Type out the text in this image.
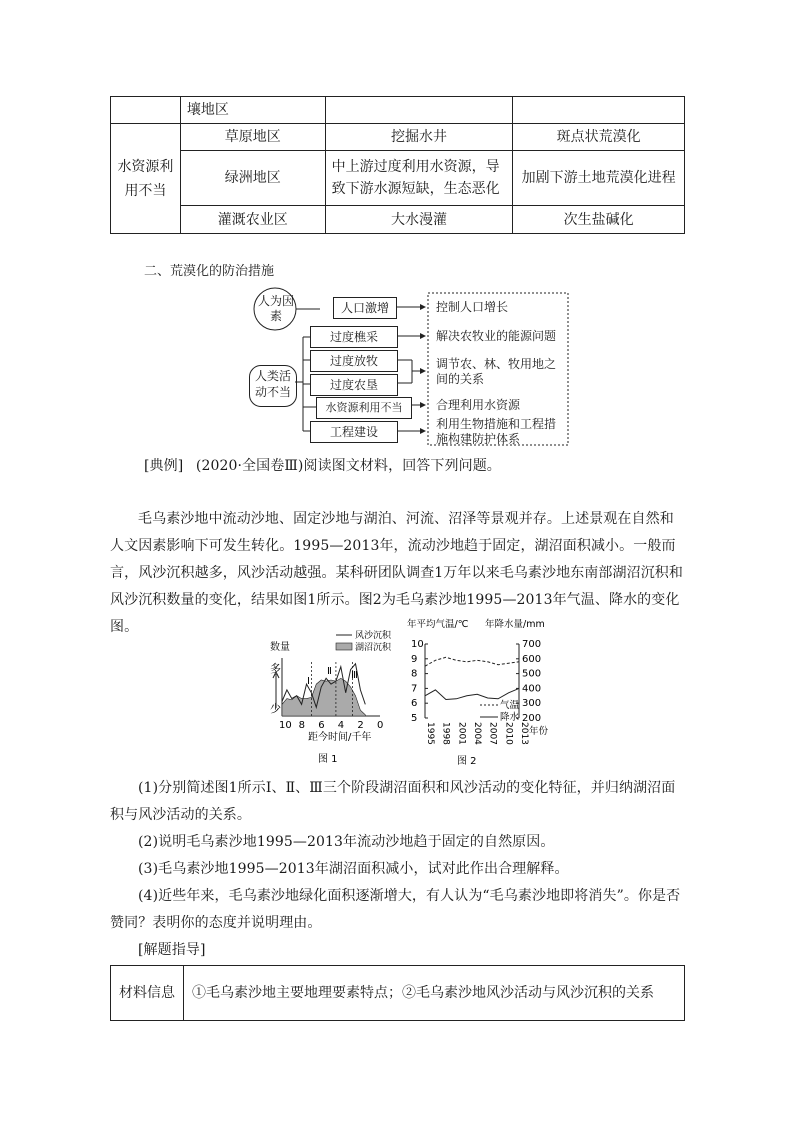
	壤地区		
水资源利用不当	草原地区	挖掘水井	斑点状荒漠化
	绿洲地区	中上游过度利用水资源，导致下游水源短缺，生态恶化	加剧下游土地荒漠化进程
	灌溉农业区	大水漫灌	次生盐碱化
二、荒漠化的防治措施
人为因素
人类活动不当
人口激增
过度樵采
过度放牧
过度农垦
水资源利用不当
工程建设
控制人口增长
解决农牧业的能源问题
调节农、林、牧用地之间的关系
合理利用水资源
利用生物措施和工程措施构建防护体系
[典例] (2020·全国卷Ⅲ)阅读图文材料，回答下列问题。
毛乌素沙地中流动沙地、固定沙地与湖泊、河流、沼泽等景观并存。上述景观在自然和人文因素影响下可发生转化。1995—2013年，流动沙地趋于固定，湖沼面积减小。一般而言，风沙沉积越多，风沙活动越强。某科研团队调查1万年以来毛乌素沙地东南部湖沼沉积和风沙沉积数量的变化，结果如图1所示。图2为毛乌素沙地1995—2013年气温、降水的变化图。
数量
多
少
10 8 6 4 2 0
Ⅰ
Ⅱ Ⅲ
距今时间/千年
风沙沉积
湖沼沉积
图 1
年平均气温/℃ 年降水量/mm
10
9
8
7
6
5
700
600
500
400
300
200
1995 1998 2001 2004 2007 2010 2013 年份
气温
降水
图 2
(1)分别简述图1所示Ⅰ、Ⅱ、Ⅲ三个阶段湖沼面积和风沙活动的变化特征，并归纳湖沼面积与风沙活动的关系。
(2)说明毛乌素沙地1995—2013年流动沙地趋于固定的自然原因。
(3)毛乌素沙地1995—2013年湖沼面积减小，试对此作出合理解释。
(4)近些年来，毛乌素沙地绿化面积逐渐增大，有人认为“毛乌素沙地即将消失”。你是否赞同？表明你的态度并说明理由。
[解题指导]
材料信息	①毛乌素沙地主要地理要素特点；②毛乌素沙地风沙活动与风沙沉积的关系
